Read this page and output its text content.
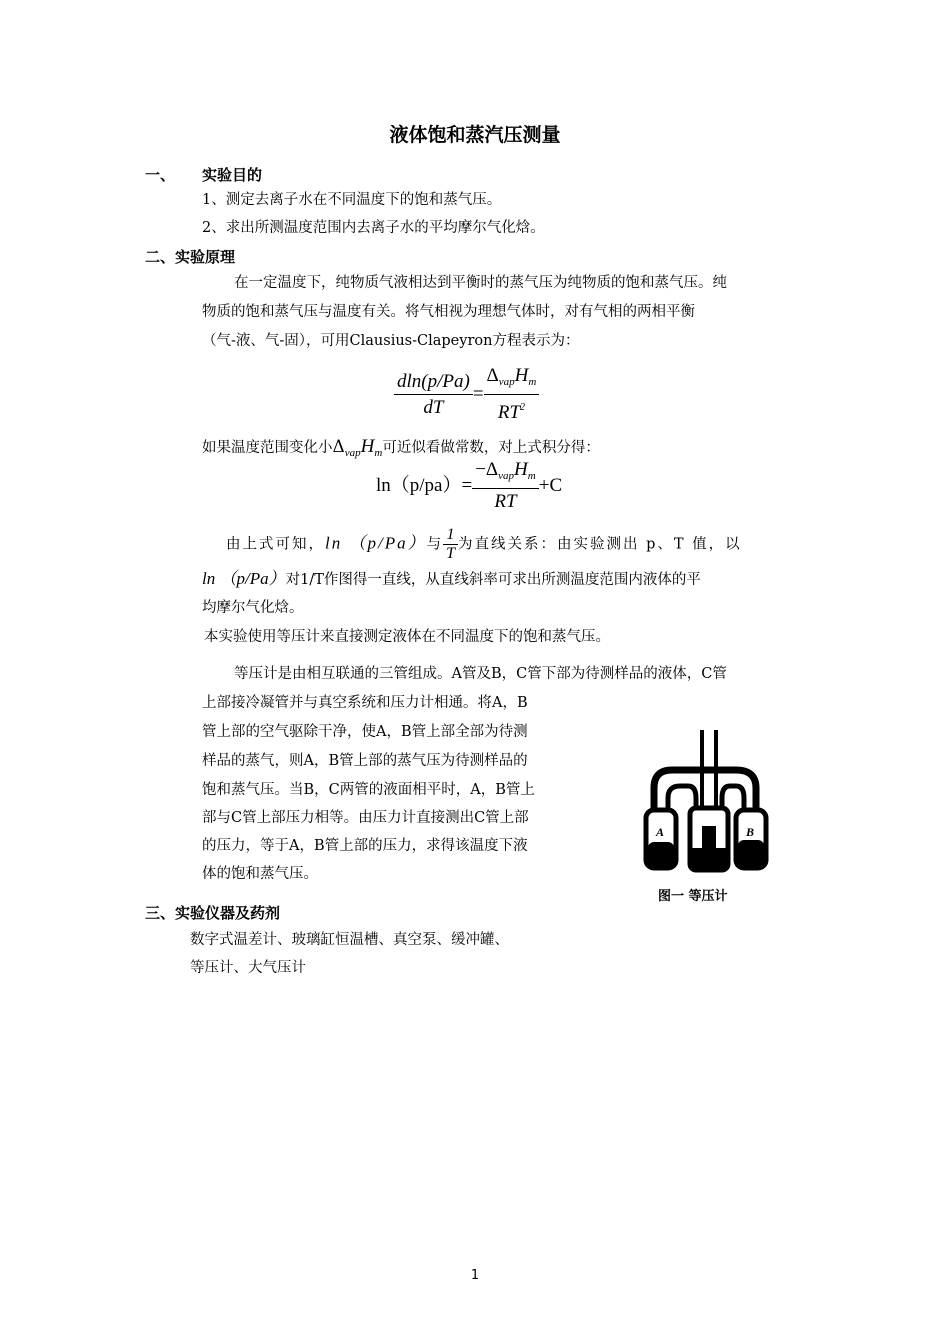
液体饱和蒸汽压测量
一、 实验目的
1、测定去离子水在不同温度下的饱和蒸气压。
2、求出所测温度范围内去离子水的平均摩尔气化焓。
二、实验原理
在一定温度下，纯物质气液相达到平衡时的蒸气压为纯物质的饱和蒸气压。纯
物质的饱和蒸气压与温度有关。将气相视为理想气体时，对有气相的两相平衡
（气-液、气-固），可用Clausius-Clapeyron方程表示为：
$\frac{dln(p/Pa)}{dT} = \frac{\Delta_{vap}H_m}{RT^2}$
如果温度范围变化小$\Delta_{vap}H_m$可近似看做常数，对上式积分得：
$\ln(p/pa)= \frac{-\Delta_{vap}H_m}{RT} +C$
由上式可知，ln （p/Pa）与 $\frac{1}{T}$ 为直线关系：由实验测出 p、T 值，以
ln （p/Pa）对1/T作图得一直线，从直线斜率可求出所测温度范围内液体的平
均摩尔气化焓。
本实验使用等压计来直接测定液体在不同温度下的饱和蒸气压。
等压计是由相互联通的三管组成。A管及B，C管下部为待测样品的液体，C管
上部接冷凝管并与真空系统和压力计相通。将A，B
管上部的空气驱除干净，使A，B管上部全部为待测
样品的蒸气，则A，B管上部的蒸气压为待测样品的
饱和蒸气压。当B，C两管的液面相平时，A，B管上
部与C管上部压力相等。由压力计直接测出C管上部
的压力，等于A，B管上部的压力，求得该温度下液
体的饱和蒸气压。
A	C	B
图一 等压计
三、实验仪器及药剂
数字式温差计、玻璃缸恒温槽、真空泵、缓冲罐、
等压计、大气压计
1
